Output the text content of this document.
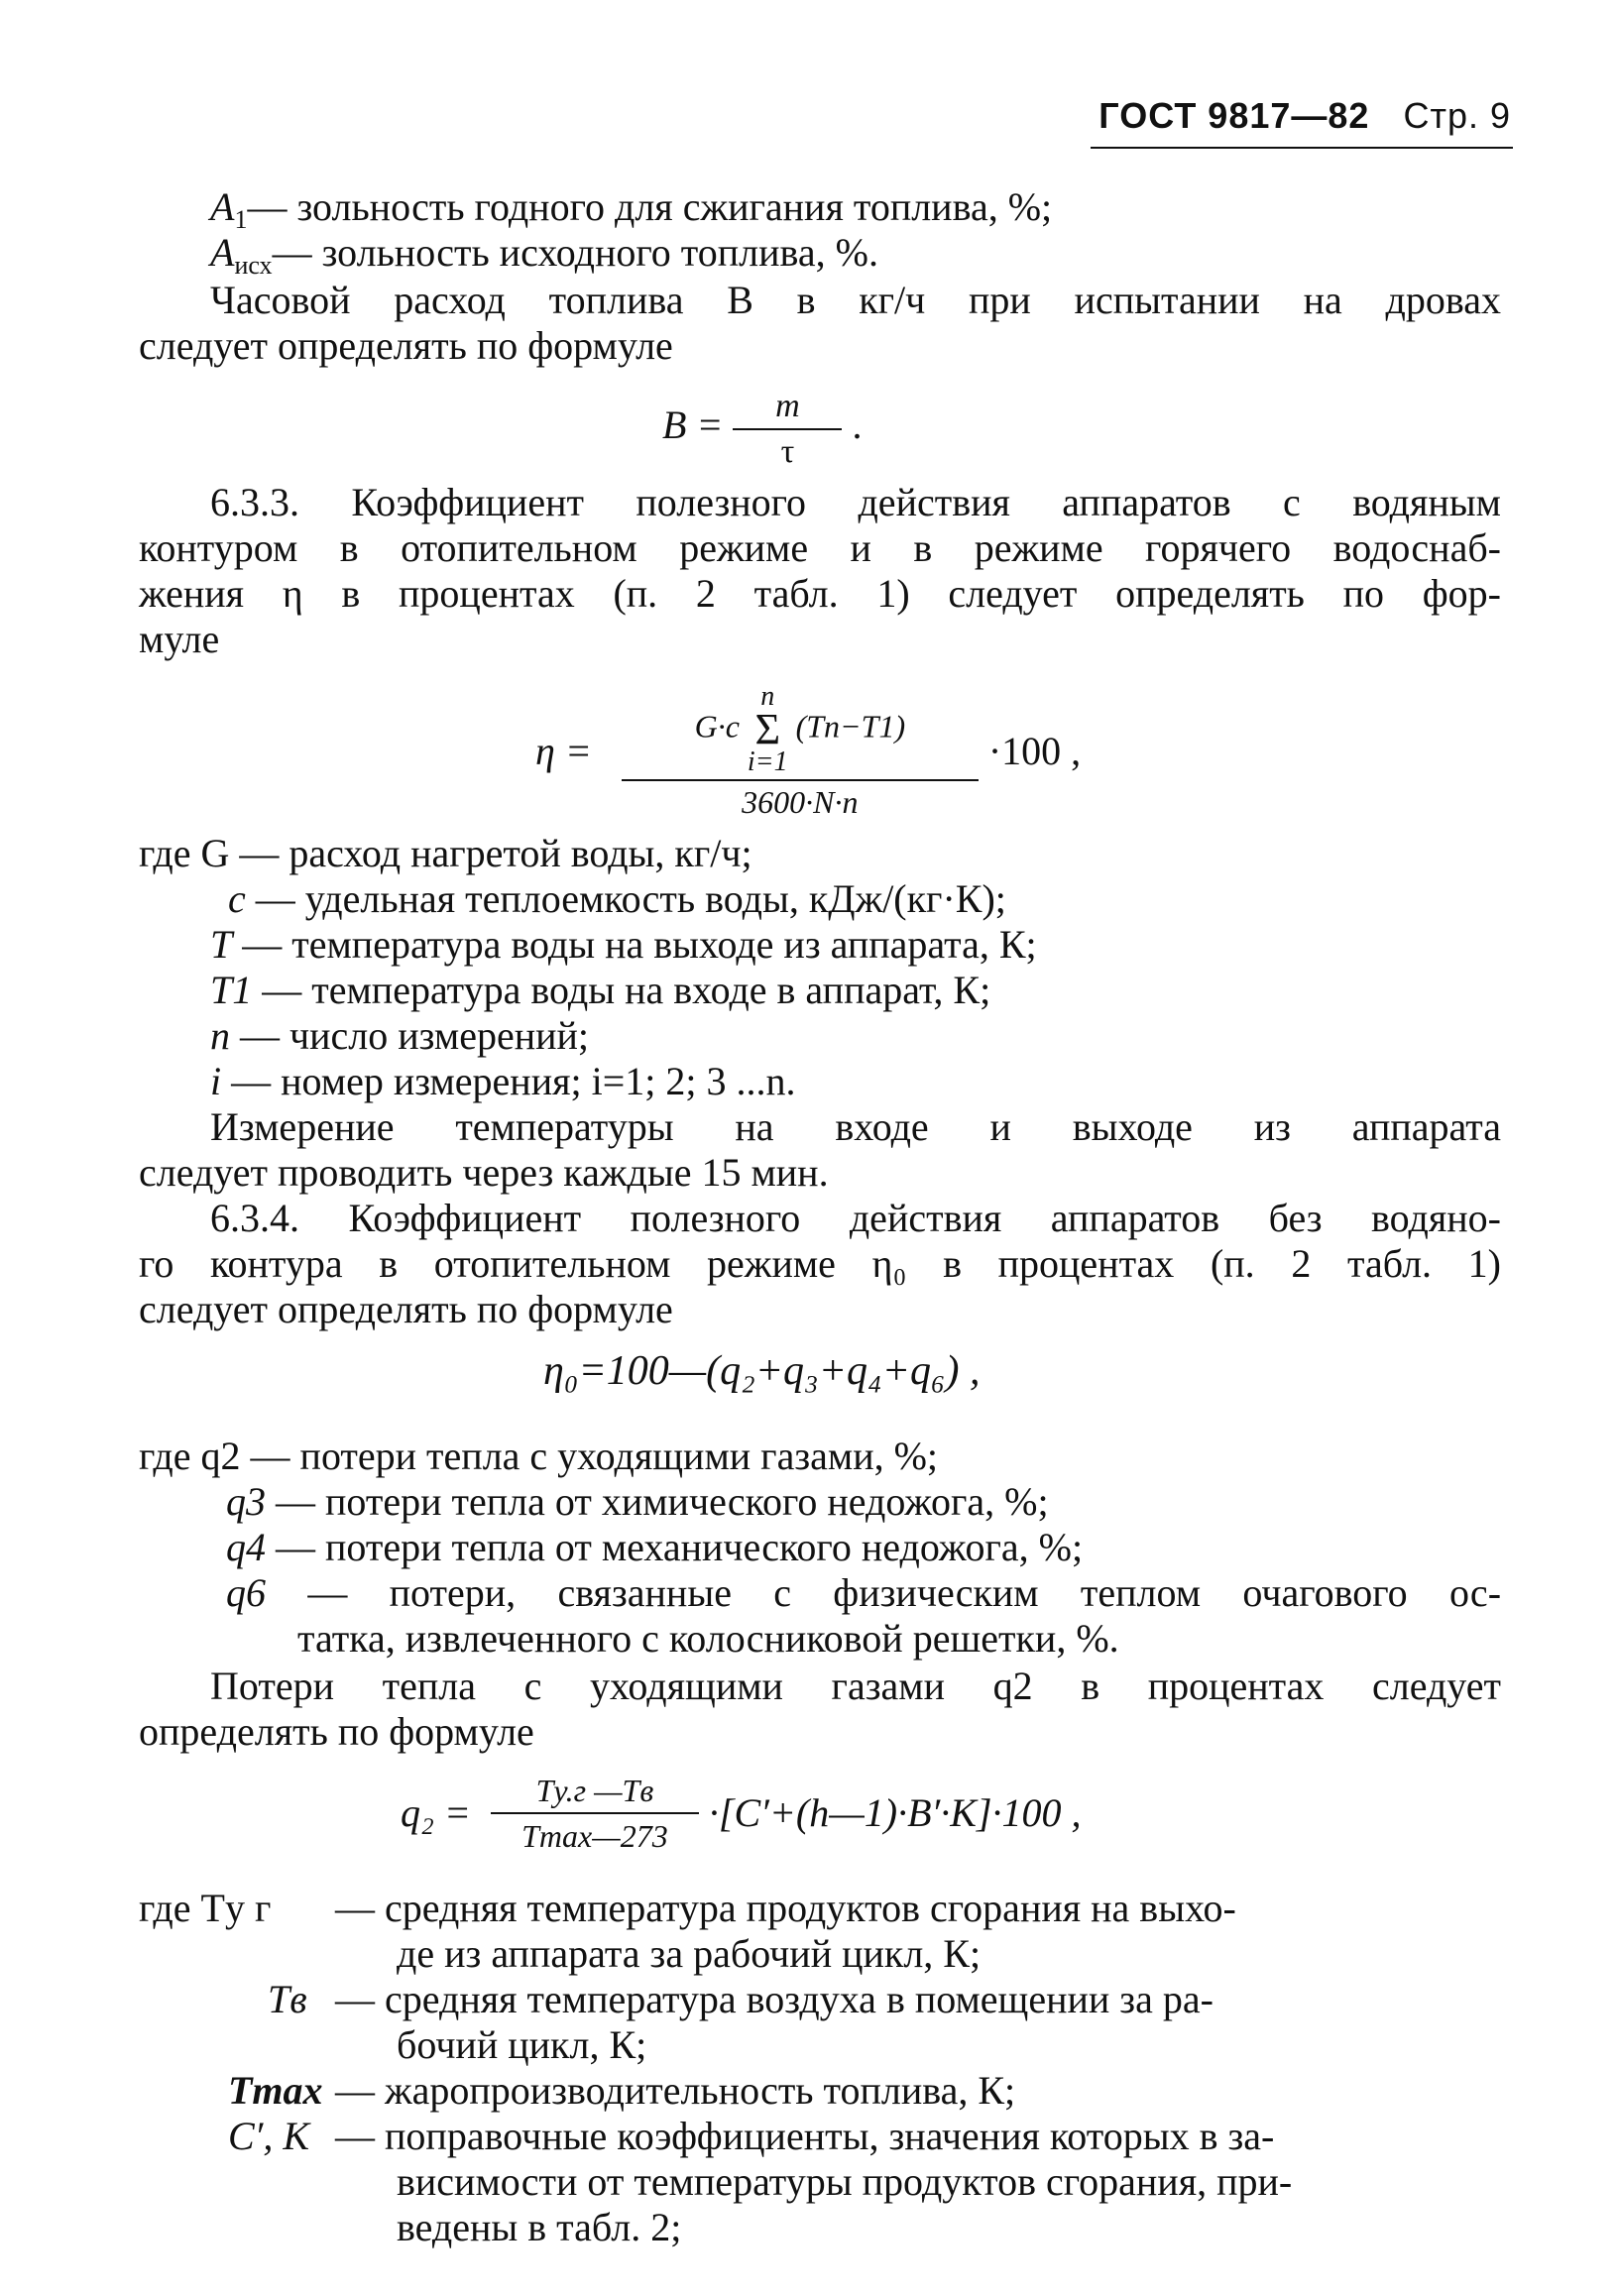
ГОСТ 9817—82 Стр. 9
$A_1—$ зольность годного для сжигания топлива, %;
$A_{исх}—$ зольность исходного топлива, %.
Часовой расход топлива B в кг/ч при испытании на дровах
следует определять по формуле
$B = \frac{m}{\tau}$ .
6.3.3. Коэффициент полезного действия аппаратов с водяным
контуром в отопительном режиме и в режиме горячего водоснаб-
жения η в процентах (п. 2 табл. 1) следует определять по фор-
муле
η = G·c n
Σ
i=1 (Tn−T1)
3600·N·n ·100 ,
где G — расход нагретой воды, кг/ч;
c — удельная теплоемкость воды, кДж/(кг·К);
T — температура воды на выходе из аппарата, К;
T1 — температура воды на входе в аппарат, К;
n — число измерений;
i — номер измерения; i=1; 2; 3 ...n.
Измерение температуры на входе и выходе из аппарата
следует проводить через каждые 15 мин.
6.3.4. Коэффициент полезного действия аппаратов без водяно-
го контура в отопительном режиме η₀ в процентах (п. 2 табл. 1)
следует определять по формуле
η₀=100—(q₂+q₃+q₄+q₆) ,
где q2 — потери тепла с уходящими газами, %;
q3 — потери тепла от химического недожога, %;
q4 — потери тепла от механического недожога, %;
q6 — потери, связанные с физическим теплом очагового ос-
татка, извлеченного с колосниковой решетки, %.
Потери тепла с уходящими газами q2 в процентах следует
определять по формуле
$q_2 = \frac{Tу.г —Tв}{Tmax—273}$ ·[C′+(h—1)·B′·K]·100 ,
где Tу г — средняя температура продуктов сгорания на выхо-
де из аппарата за рабочий цикл, К;
Tв — средняя температура воздуха в помещении за ра-
бочий цикл, К;
Tmax — жаропроизводительность топлива, К;
C′, K — поправочные коэффициенты, значения которых в за-
висимости от температуры продуктов сгорания, при-
ведены в табл. 2;
